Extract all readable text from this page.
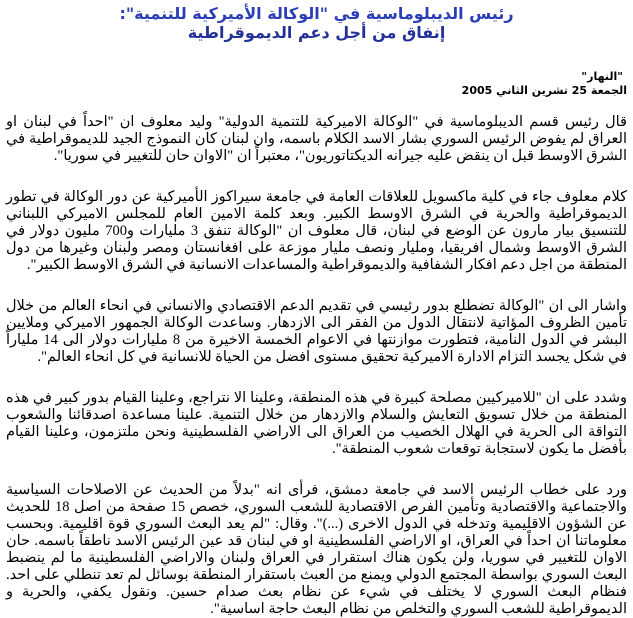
رئيس الديبلوماسية في "الوكالة الأميركية للتنمية":
إنفاق من أجل دعم الديموقراطية
"النهار"
الجمعة 25 تشرين الثاني 2005

قال رئيس قسم الديبلوماسية في "الوكالة الاميركية للتنمية الدولية" وليد معلوف ان "احداً في لبنان او العراق لم يفوض الرئيس السوري بشار الاسد الكلام باسمه، وان لبنان كان النموذج الجيد للديموقراطية في الشرق الاوسط قبل ان ينقض عليه جيرانه الديكتاتوريون"، معتبراً ان "الاوان حان للتغيير في سوريا".

كلام معلوف جاء في كلية ماكسويل للعلاقات العامة في جامعة سيراكوز الأميركية عن دور الوكالة في تطور الديموقراطية والحرية في الشرق الاوسط الكبير. وبعد كلمة الامين العام للمجلس الاميركي اللبناني للتنسيق بيار مارون عن الوضع في لبنان، قال معلوف ان "الوكالة تنفق 3 مليارات و700 مليون دولار في الشرق الاوسط وشمال افريقيا، ومليار ونصف مليار موزعة على افغانستان ومصر ولبنان وغيرها من دول المنطقة من اجل دعم افكار الشفافية والديموقراطية والمساعدات الانسانية في الشرق الاوسط الكبير".

واشار الى ان "الوكالة تضطلع بدور رئيسي في تقديم الدعم الاقتصادي والانساني في انحاء العالم من خلال تأمين الظروف المؤاتية لانتقال الدول من الفقر الى الازدهار. وساعدت الوكالة الجمهور الاميركي وملايين البشر في الدول النامية، فتطورت موازنتها في الاعوام الخمسة الاخيرة من 8 مليارات دولار الى 14 ملياراً في شكل يجسد التزام الادارة الاميركية تحقيق مستوى افضل من الحياة للانسانية في كل انحاء العالم".

وشدد على ان "للاميركيين مصلحة كبيرة في هذه المنطقة، وعلينا الا نتراجع، وعلينا القيام بدور كبير في هذه المنطقة من خلال تسويق التعايش والسلام والازدهار من خلال التنمية. علينا مساعدة اصدقائنا والشعوب التواقة الى الحرية في الهلال الخصيب من العراق الى الاراضي الفلسطينية ونحن ملتزمون، وعلينا القيام بأفضل ما يكون لاستجابة توقعات شعوب المنطقة".

ورد على خطاب الرئيس الاسد في جامعة دمشق، فرأى انه "بدلاً من الحديث عن الاصلاحات السياسية والاجتماعية والاقتصادية وتأمين الفرص الاقتصادية للشعب السوري، خصص 15 صفحة من اصل 18 للحديث عن الشؤون الاقليمية وتدخله في الدول الاخرى (...)". وقال: "لم يعد البعث السوري قوة اقليمية. وبحسب معلوماتنا ان احداً في العراق، او الاراضي الفلسطينية او في لبنان قد عين الرئيس الاسد ناطقاً باسمه. حان الاوان للتغيير في سوريا، ولن يكون هناك استقرار في العراق ولبنان والاراضي الفلسطينية ما لم ينضبط البعث السوري بواسطة المجتمع الدولي ويمنع من العبث باستقرار المنطقة بوسائل لم تعد تنطلي على احد. فنظام البعث السوري لا يختلف في شيء عن نظام بعث صدام حسين. ونقول يكفي، والحرية و الديموقراطية للشعب السوري والتخلص من نظام البعث حاجة اساسية".
